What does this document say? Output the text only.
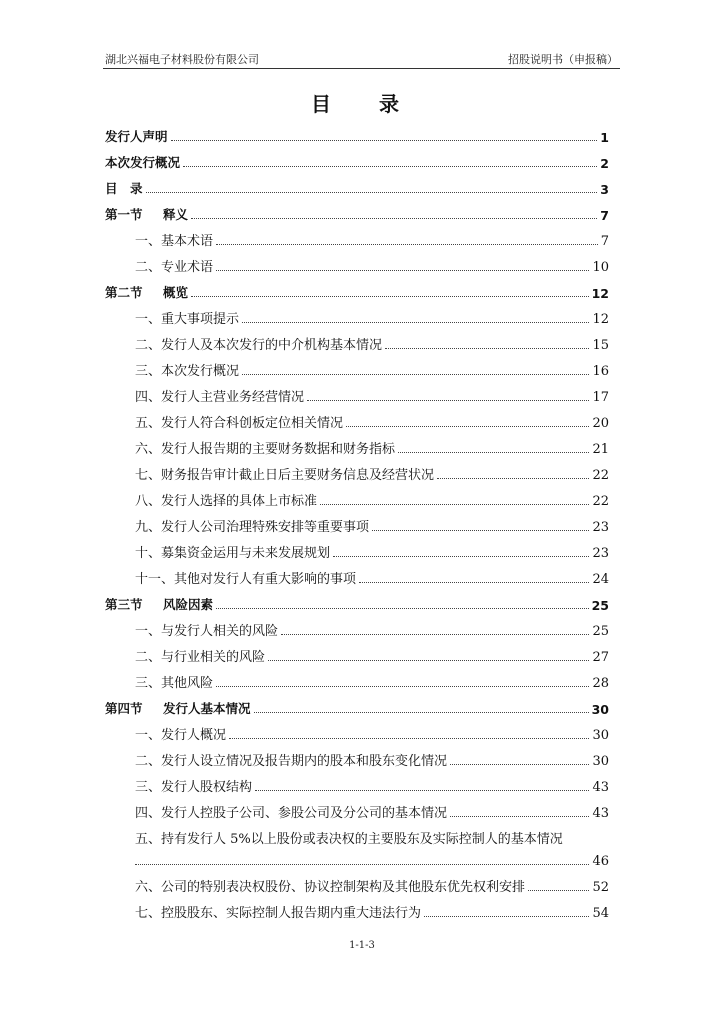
湖北兴福电子材料股份有限公司	招股说明书（申报稿）
目　录
发行人声明	1
本次发行概况	2
目　录	3
第一节 释义	7
一、基本术语	7
二、专业术语	10
第二节 概览	12
一、重大事项提示	12
二、发行人及本次发行的中介机构基本情况	15
三、本次发行概况	16
四、发行人主营业务经营情况	17
五、发行人符合科创板定位相关情况	20
六、发行人报告期的主要财务数据和财务指标	21
七、财务报告审计截止日后主要财务信息及经营状况	22
八、发行人选择的具体上市标准	22
九、发行人公司治理特殊安排等重要事项	23
十、募集资金运用与未来发展规划	23
十一、其他对发行人有重大影响的事项	24
第三节 风险因素	25
一、与发行人相关的风险	25
二、与行业相关的风险	27
三、其他风险	28
第四节 发行人基本情况	30
一、发行人概况	30
二、发行人设立情况及报告期内的股本和股东变化情况	30
三、发行人股权结构	43
四、发行人控股子公司、参股公司及分公司的基本情况	43
五、持有发行人 5%以上股份或表决权的主要股东及实际控制人的基本情况
46
六、公司的特别表决权股份、协议控制架构及其他股东优先权利安排	52
七、控股股东、实际控制人报告期内重大违法行为	54
1-1-3
